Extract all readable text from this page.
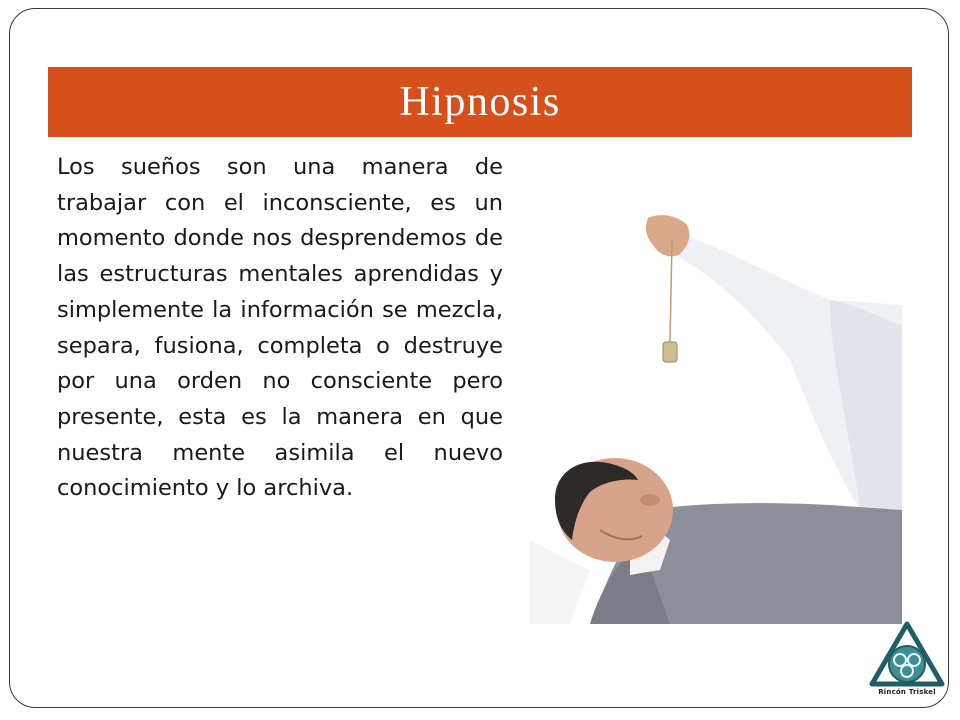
Hipnosis

Los sueños son una manera de trabajar con el inconsciente, es un momento donde nos desprendemos de las estructuras mentales aprendidas y simplemente la información se mezcla, separa, fusiona, completa o destruye por una orden no consciente pero presente, esta es la manera en que nuestra mente asimila el nuevo conocimiento y lo archiva.

Rincón Triskel
